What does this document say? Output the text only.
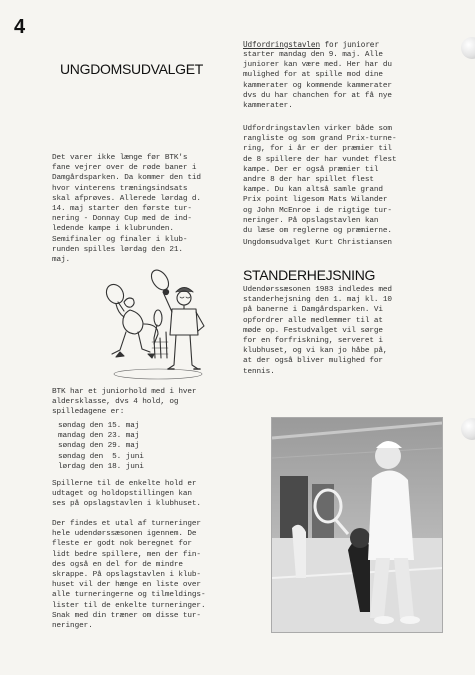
4
UNGDOMSUDVALGET
Det varer ikke længe før BTK's
fane vejrer over de røde baner i
Damgårdsparken. Da kommer den tid
hvor vinterens træningsindsats
skal afprøves. Allerede lørdag d.
14. maj starter den første tur-
nering - Donnay Cup med de ind-
ledende kampe i klubrunden.
Semifinaler og finaler i klub-
runden spilles lørdag den 21.
maj.
Udfordringstavlen for juniorer
starter mandag den 9. maj. Alle
juniorer kan være med. Her har du
mulighed for at spille mod dine
kammerater og kommende kammerater
dvs du har chanchen for at få nye
kammerater.
Udfordringstavlen virker både som
rangliste og som grand Prix-turne-
ring, for i år er der præmier til
de 8 spillere der har vundet flest
kampe. Der er også præmier til
andre 8 der har spillet flest
kampe. Du kan altså samle grand
Prix point ligesom Mats Wilander
og John McEnroe i de rigtige tur-
neringer. På opslagstavlen kan
du læse om reglerne og præmierne.
Ungdomsudvalget Kurt Christiansen
STANDERHEJSNING
Udendørssæsonen 1983 indledes med
standerhejsning den 1. maj kl. 10
på banerne i Damgårdsparken. Vi
opfordrer alle medlemmer til at
møde op. Festudvalget vil sørge
for en forfriskning, serveret i
klubhuset, og vi kan jo håbe på,
at der også bliver mulighed for
tennis.
BTK har et juniorhold med i hver
aldersklasse, dvs 4 hold, og
spilledagene er:
søndag den 15. maj
mandag den 23. maj
søndag den 29. maj
søndag den  5. juni
lørdag den 18. juni
Spillerne til de enkelte hold er
udtaget og holdopstillingen kan
ses på opslagstavlen i klubhuset.
Der findes et utal af turneringer
hele udendørssæsonen igennem. De
fleste er godt nok beregnet for
lidt bedre spillere, men der fin-
des også en del for de mindre
skrappe. På opslagstavlen i klub-
huset vil der hænge en liste over
alle turneringerne og tilmeldings-
lister til de enkelte turneringer.
Snak med din træner om disse tur-
neringer.
